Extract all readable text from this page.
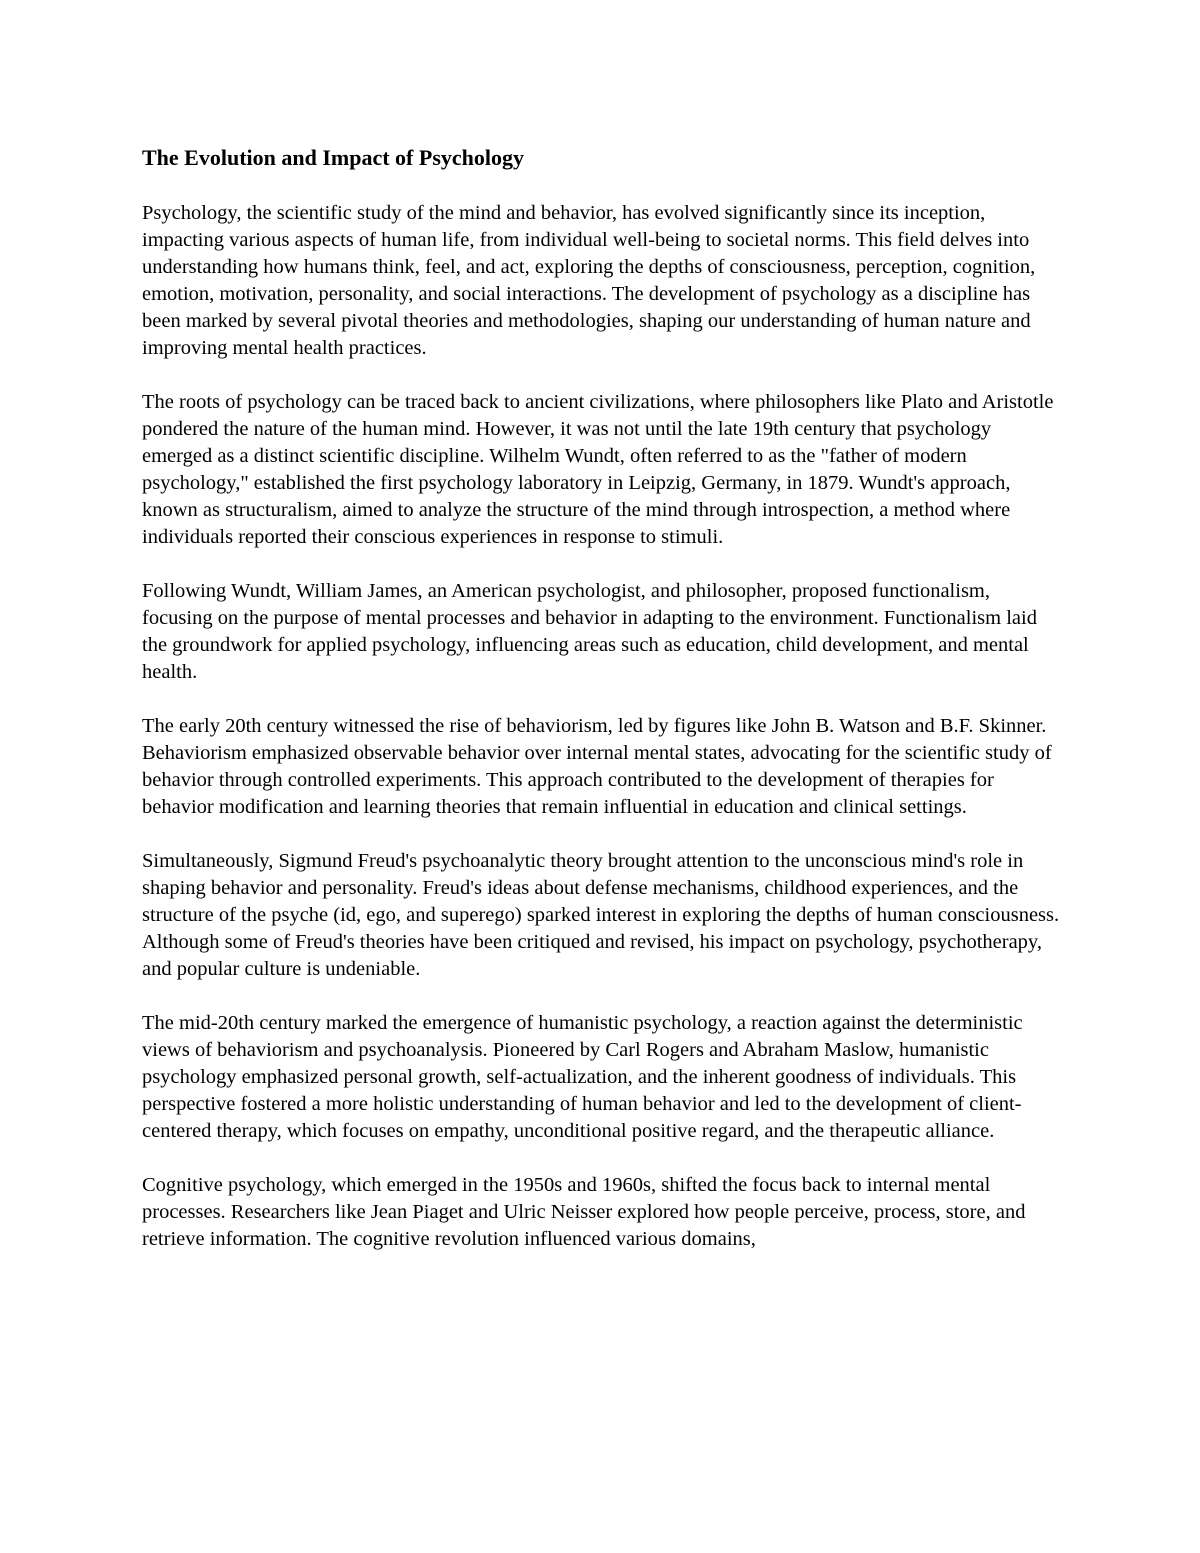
The Evolution and Impact of Psychology

Psychology, the scientific study of the mind and behavior, has evolved significantly since its inception, impacting various aspects of human life, from individual well-being to societal norms. This field delves into understanding how humans think, feel, and act, exploring the depths of consciousness, perception, cognition, emotion, motivation, personality, and social interactions. The development of psychology as a discipline has been marked by several pivotal theories and methodologies, shaping our understanding of human nature and improving mental health practices.

The roots of psychology can be traced back to ancient civilizations, where philosophers like Plato and Aristotle pondered the nature of the human mind. However, it was not until the late 19th century that psychology emerged as a distinct scientific discipline. Wilhelm Wundt, often referred to as the "father of modern psychology," established the first psychology laboratory in Leipzig, Germany, in 1879. Wundt's approach, known as structuralism, aimed to analyze the structure of the mind through introspection, a method where individuals reported their conscious experiences in response to stimuli.

Following Wundt, William James, an American psychologist, and philosopher, proposed functionalism, focusing on the purpose of mental processes and behavior in adapting to the environment. Functionalism laid the groundwork for applied psychology, influencing areas such as education, child development, and mental health.

The early 20th century witnessed the rise of behaviorism, led by figures like John B. Watson and B.F. Skinner. Behaviorism emphasized observable behavior over internal mental states, advocating for the scientific study of behavior through controlled experiments. This approach contributed to the development of therapies for behavior modification and learning theories that remain influential in education and clinical settings.

Simultaneously, Sigmund Freud's psychoanalytic theory brought attention to the unconscious mind's role in shaping behavior and personality. Freud's ideas about defense mechanisms, childhood experiences, and the structure of the psyche (id, ego, and superego) sparked interest in exploring the depths of human consciousness. Although some of Freud's theories have been critiqued and revised, his impact on psychology, psychotherapy, and popular culture is undeniable.

The mid-20th century marked the emergence of humanistic psychology, a reaction against the deterministic views of behaviorism and psychoanalysis. Pioneered by Carl Rogers and Abraham Maslow, humanistic psychology emphasized personal growth, self-actualization, and the inherent goodness of individuals. This perspective fostered a more holistic understanding of human behavior and led to the development of client-centered therapy, which focuses on empathy, unconditional positive regard, and the therapeutic alliance.

Cognitive psychology, which emerged in the 1950s and 1960s, shifted the focus back to internal mental processes. Researchers like Jean Piaget and Ulric Neisser explored how people perceive, process, store, and retrieve information. The cognitive revolution influenced various domains,
